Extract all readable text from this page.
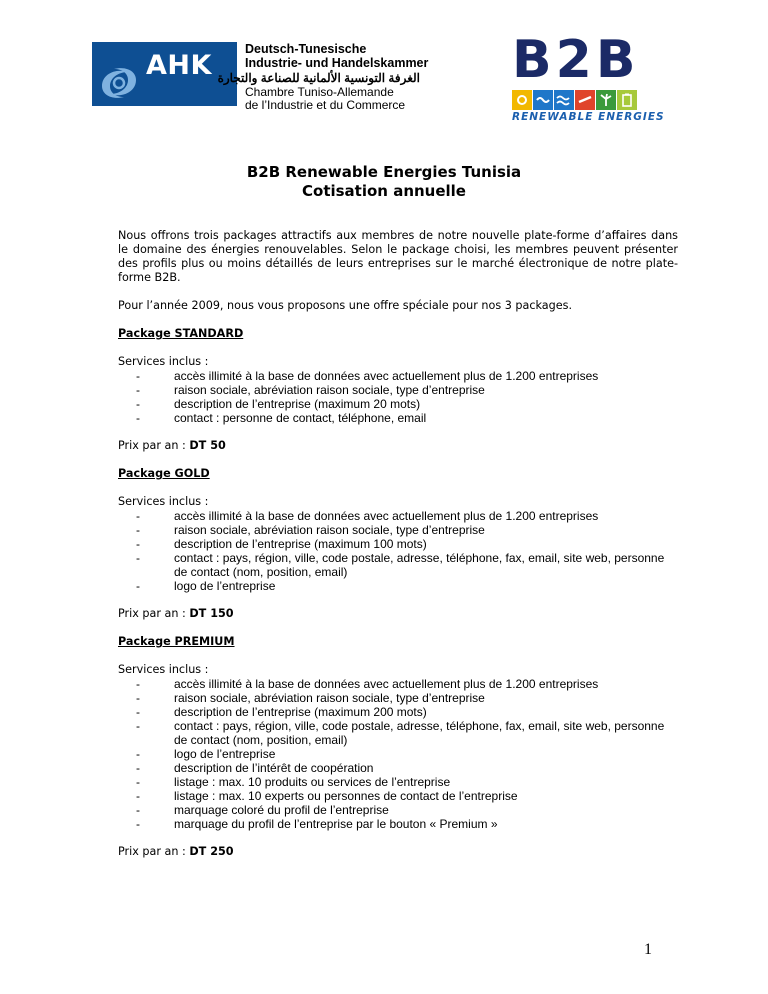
AHK
Deutsch-Tunesische
Industrie- und Handelskammer
الغرفة التونسية الألمانية للصناعة والتجارة
Chambre Tuniso-Allemande
de l’Industrie et du Commerce
B2B
RENEWABLE ENERGIES
B2B Renewable Energies Tunisia
Cotisation annuelle

Nous offrons trois packages attractifs aux membres de notre nouvelle plate-forme d’affaires dans le domaine des énergies renouvelables. Selon le package choisi, les membres peuvent présenter des profils plus ou moins détaillés de leurs entreprises sur le marché électronique de notre plate-forme B2B.

Pour l’année 2009, nous vous proposons une offre spéciale pour nos 3 packages.

Package STANDARD

Services inclus :

- accès illimité à la base de données avec actuellement plus de 1.200 entreprises
- raison sociale, abréviation raison sociale, type d’entreprise
- description de l’entreprise (maximum 20 mots)
- contact : personne de contact, téléphone, email

Prix par an : DT 50

Package GOLD

Services inclus :

- accès illimité à la base de données avec actuellement plus de 1.200 entreprises
- raison sociale, abréviation raison sociale, type d’entreprise
- description de l’entreprise (maximum 100 mots)
- contact : pays, région, ville, code postale, adresse, téléphone, fax, email, site web, personne de contact (nom, position, email)
- logo de l’entreprise

Prix par an : DT 150

Package PREMIUM

Services inclus :

- accès illimité à la base de données avec actuellement plus de 1.200 entreprises
- raison sociale, abréviation raison sociale, type d’entreprise
- description de l’entreprise (maximum 200 mots)
- contact : pays, région, ville, code postale, adresse, téléphone, fax, email, site web, personne de contact (nom, position, email)
- logo de l’entreprise
- description de l’intérêt de coopération
- listage : max. 10 produits ou services de l’entreprise
- listage : max. 10 experts ou personnes de contact de l’entreprise
- marquage coloré du profil de l’entreprise
- marquage du profil de l’entreprise par le bouton « Premium »

Prix par an : DT 250

1
